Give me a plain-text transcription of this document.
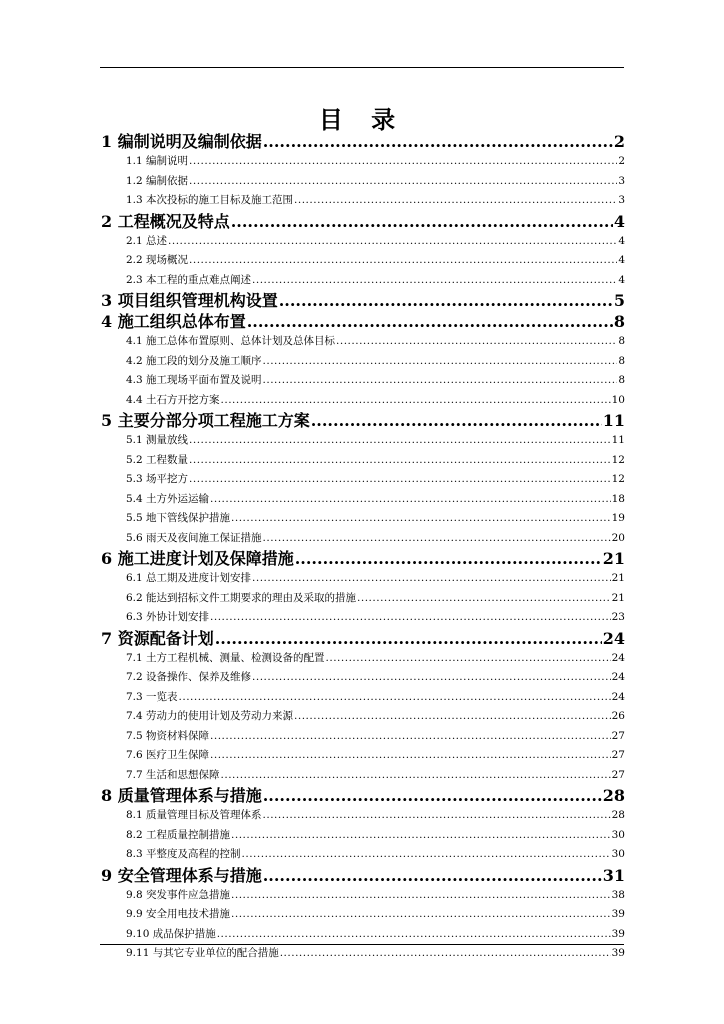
目 录
1 编制说明及编制依据 .....	2
1.1 编制说明 .....	2
1.2 编制依据 .....	3
1.3 本次投标的施工目标及施工范围 .....	3
2 工程概况及特点 .....	4
2.1 总述 .....	4
2.2 现场概况 .....	4
2.3 本工程的重点难点阐述 .....	4
3 项目组织管理机构设置 .....	5
4 施工组织总体布置 .....	8
4.1 施工总体布置原则、总体计划及总体目标 .....	8
4.2 施工段的划分及施工顺序 .....	8
4.3 施工现场平面布置及说明 .....	8
4.4 土石方开挖方案 .....	10
5 主要分部分项工程施工方案 .....	11
5.1 测量放线 .....	11
5.2 工程数量 .....	12
5.3 场平挖方 .....	12
5.4 土方外运运输 .....	18
5.5 地下管线保护措施 .....	19
5.6 雨天及夜间施工保证措施 .....	20
6 施工进度计划及保障措施 .....	21
6.1 总工期及进度计划安排 .....	21
6.2 能达到招标文件工期要求的理由及采取的措施 .....	21
6.3 外协计划安排 .....	23
7 资源配备计划 .....	24
7.1 土方工程机械、测量、检测设备的配置 .....	24
7.2 设备操作、保养及维修 .....	24
7.3 一览表 .....	24
7.4 劳动力的使用计划及劳动力来源 .....	26
7.5 物资材料保障 .....	27
7.6 医疗卫生保障 .....	27
7.7 生活和思想保障 .....	27
8 质量管理体系与措施 .....	28
8.1 质量管理目标及管理体系 .....	28
8.2 工程质量控制措施 .....	30
8.3 平整度及高程的控制 .....	30
9 安全管理体系与措施 .....	31
9.8 突发事件应急措施 .....	38
9.9 安全用电技术措施 .....	39
9.10 成品保护措施 .....	39
9.11 与其它专业单位的配合措施 .....	39
